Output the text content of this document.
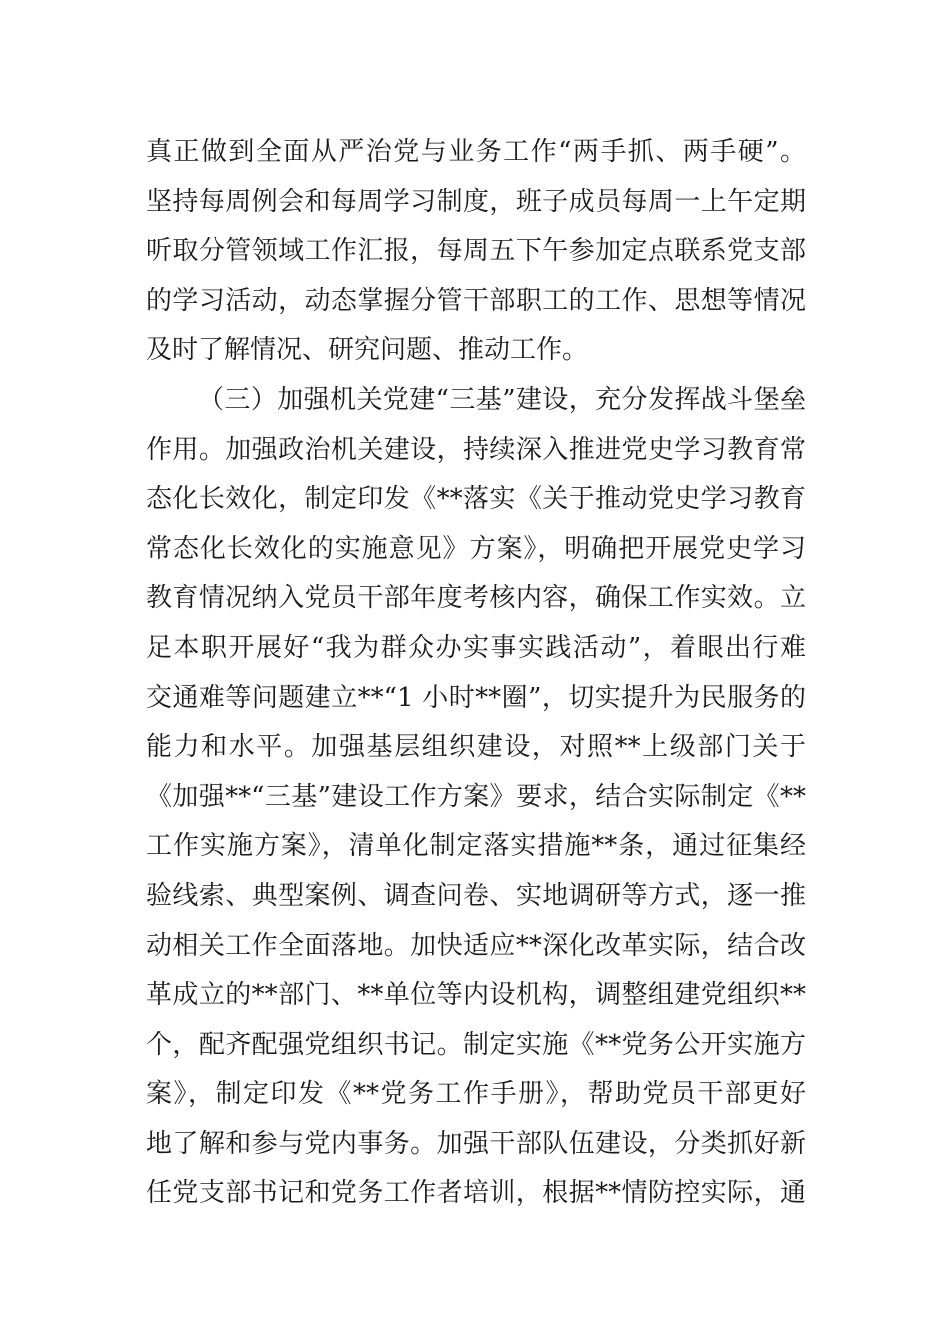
真正做到全面从严治党与业务工作“两手抓、两手硬”。
坚持每周例会和每周学习制度，班子成员每周一上午定期
听取分管领域工作汇报，每周五下午参加定点联系党支部
的学习活动，动态掌握分管干部职工的工作、思想等情况
及时了解情况、研究问题、推动工作。
（三）加强机关党建“三基”建设，充分发挥战斗堡垒
作用。加强政治机关建设，持续深入推进党史学习教育常
态化长效化，制定印发《**落实《关于推动党史学习教育
常态化长效化的实施意见》方案》，明确把开展党史学习
教育情况纳入党员干部年度考核内容，确保工作实效。立
足本职开展好“我为群众办实事实践活动”，着眼出行难
交通难等问题建立**“1 小时**圈”，切实提升为民服务的
能力和水平。加强基层组织建设，对照**上级部门关于
《加强**“三基”建设工作方案》要求，结合实际制定《**
工作实施方案》，清单化制定落实措施**条，通过征集经
验线索、典型案例、调查问卷、实地调研等方式，逐一推
动相关工作全面落地。加快适应**深化改革实际，结合改
革成立的**部门、**单位等内设机构，调整组建党组织**
个，配齐配强党组织书记。制定实施《**党务公开实施方
案》，制定印发《**党务工作手册》，帮助党员干部更好
地了解和参与党内事务。加强干部队伍建设，分类抓好新
任党支部书记和党务工作者培训，根据**情防控实际，通
